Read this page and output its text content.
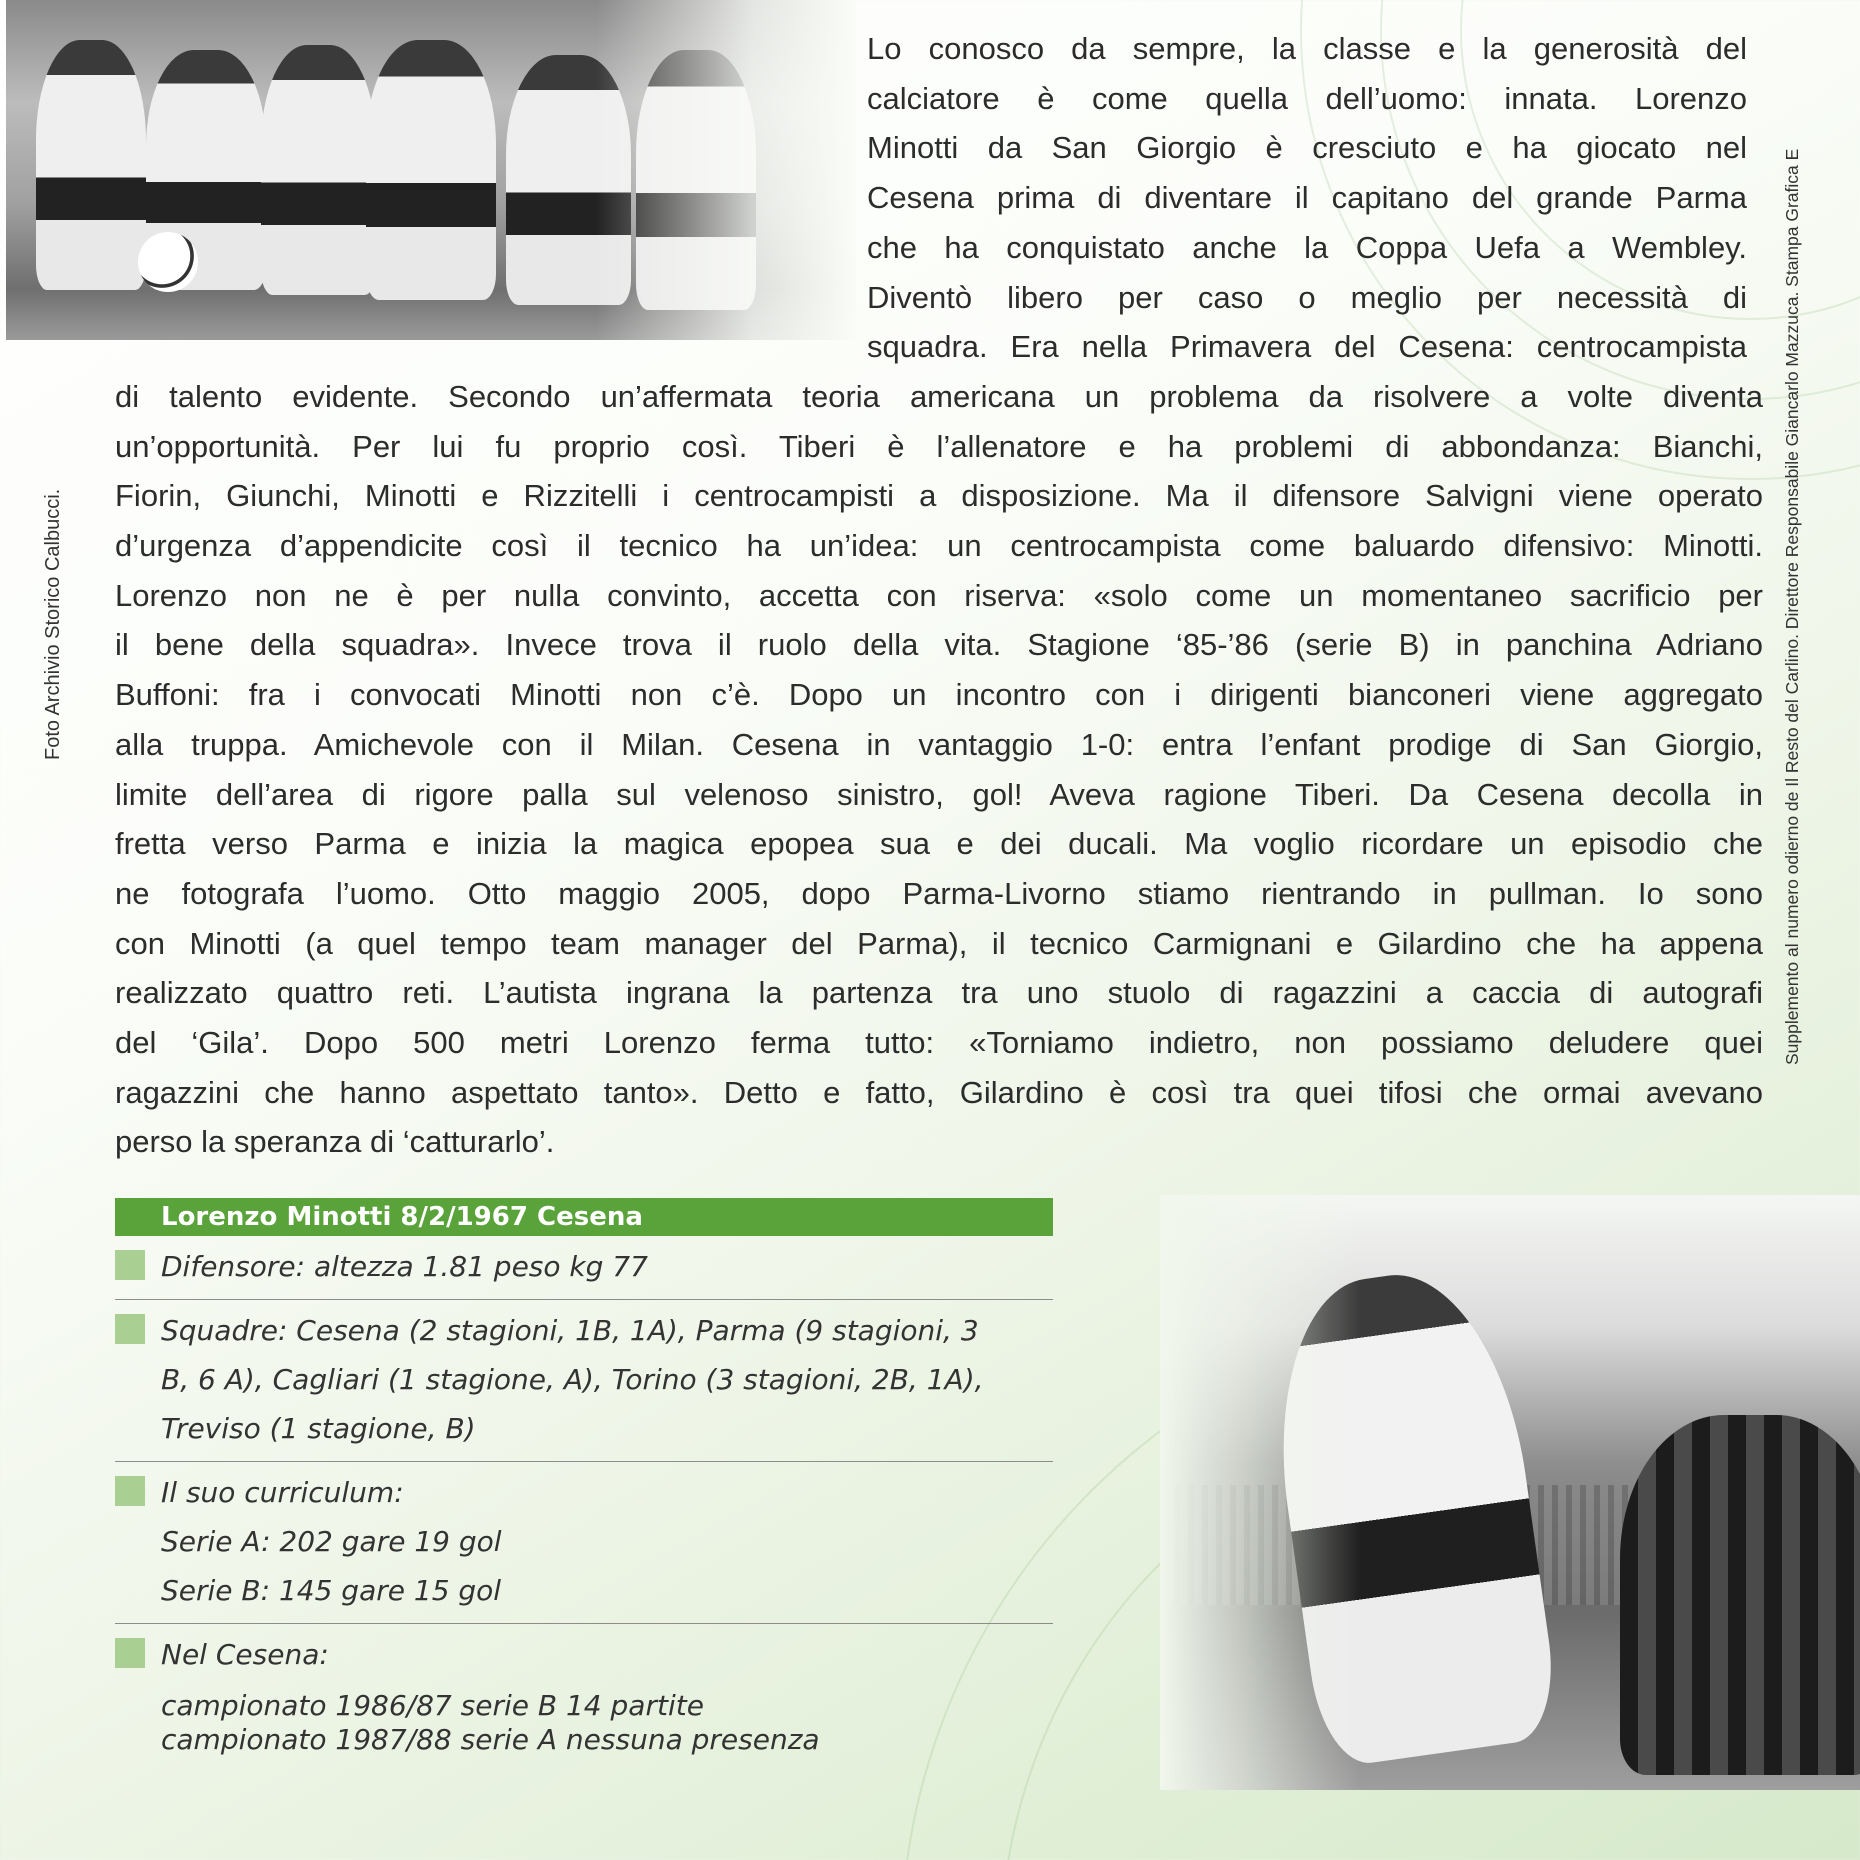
Foto Archivio Storico Calbucci.	Supplemento al numero odierno de Il Resto del Carlino. Direttore Responsabile Giancarlo Mazzuca. Stampa Grafica E
Lo conosco da sempre, la classe e la generosità del
calciatore è come quella dell’uomo: innata. Lorenzo
Minotti da San Giorgio è cresciuto e ha giocato nel
Cesena prima di diventare il capitano del grande Parma
che ha conquistato anche la Coppa Uefa a Wembley.
Diventò libero per caso o meglio per necessità di
squadra. Era nella Primavera del Cesena: centrocampista
di talento evidente. Secondo un’affermata teoria americana un problema da risolvere a volte diventa
un’opportunità. Per lui fu proprio così. Tiberi è l’allenatore e ha problemi di abbondanza: Bianchi,
Fiorin, Giunchi, Minotti e Rizzitelli i centrocampisti a disposizione. Ma il difensore Salvigni viene operato
d’urgenza d’appendicite così il tecnico ha un’idea: un centrocampista come baluardo difensivo: Minotti.
Lorenzo non ne è per nulla convinto, accetta con riserva: «solo come un momentaneo sacrificio per
il bene della squadra». Invece trova il ruolo della vita. Stagione ‘85-’86 (serie B) in panchina Adriano
Buffoni: fra i convocati Minotti non c’è. Dopo un incontro con i dirigenti bianconeri viene aggregato
alla truppa. Amichevole con il Milan. Cesena in vantaggio 1-0: entra l’enfant prodige di San Giorgio,
limite dell’area di rigore palla sul velenoso sinistro, gol! Aveva ragione Tiberi. Da Cesena decolla in
fretta verso Parma e inizia la magica epopea sua e dei ducali. Ma voglio ricordare un episodio che
ne fotografa l’uomo. Otto maggio 2005, dopo Parma-Livorno stiamo rientrando in pullman. Io sono
con Minotti (a quel tempo team manager del Parma), il tecnico Carmignani e Gilardino che ha appena
realizzato quattro reti. L’autista ingrana la partenza tra uno stuolo di ragazzini a caccia di autografi
del ‘Gila’. Dopo 500 metri Lorenzo ferma tutto: «Torniamo indietro, non possiamo deludere quei
ragazzini che hanno aspettato tanto». Detto e fatto, Gilardino è così tra quei tifosi che ormai avevano
perso la speranza di ‘catturarlo’.
Lorenzo Minotti 8/2/1967 Cesena
Difensore: altezza 1.81 peso kg 77
Squadre: Cesena (2 stagioni, 1B, 1A), Parma (9 stagioni, 3
B, 6 A), Cagliari (1 stagione, A), Torino (3 stagioni, 2B, 1A),
Treviso (1 stagione, B)
Il suo curriculum:
Serie A: 202 gare 19 gol
Serie B: 145 gare 15 gol
Nel Cesena:
campionato 1986/87 serie B 14 partite
campionato 1987/88 serie A nessuna presenza
